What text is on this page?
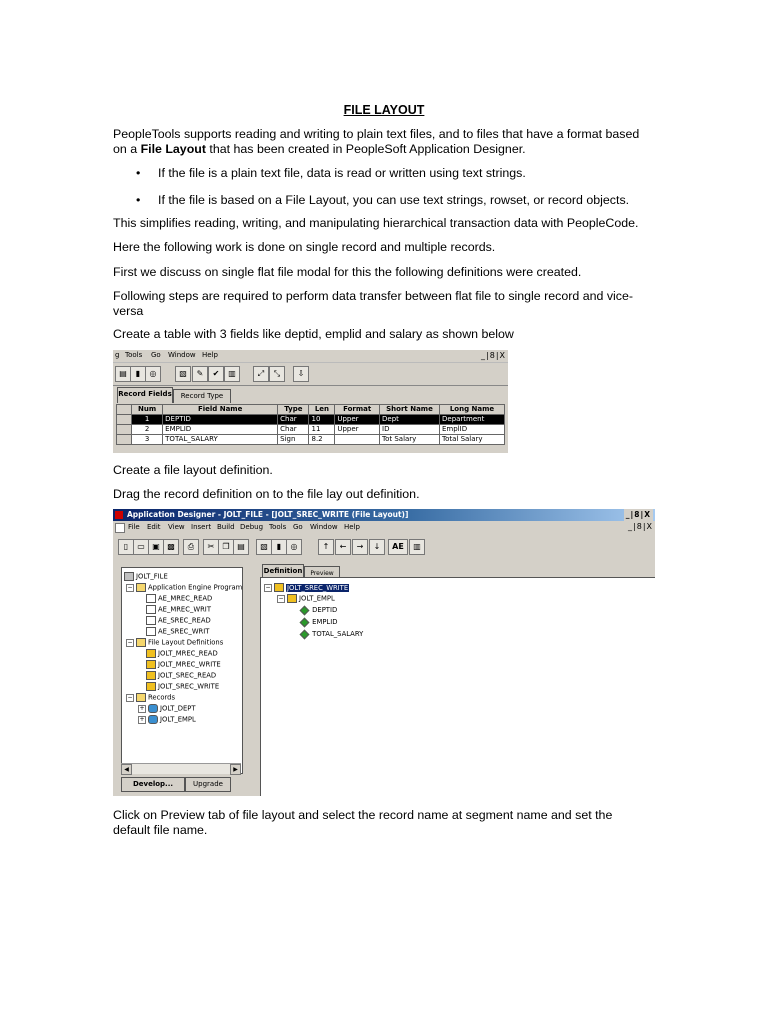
FILE LAYOUT

PeopleTools supports reading and writing to plain text files, and to files that have a format based
on a File Layout that has been created in PeopleSoft Application Designer.

• If the file is a plain text file, data is read or written using text strings.
• If the file is based on a File Layout, you can use text strings, rowset, or record objects.

This simplifies reading, writing, and manipulating hierarchical transaction data with PeopleCode.

Here the following work is done on single record and multiple records.

First we discuss on single flat file modal for this the following definitions were created.

Following steps are required to perform data transfer between flat file to single record and vice-
versa

Create a table with 3 fields like deptid, emplid and salary as shown below

g Tools Go Window Help	_|8|X
▤	▮	◎	▧	✎	✔	▥	⤢	⤡	⇩
Record Fields	Record Type
	Num	Field Name	Type	Len	Format	Short Name	Long Name
	1	DEPTID	Char	10	Upper	Dept	Department
	2	EMPLID	Char	11	Upper	ID	EmplID
	3	TOTAL_SALARY	Sign	8.2		Tot Salary	Total Salary

Create a file layout definition.

Drag the record definition on to the file lay out definition.

Application Designer - JOLT_FILE - [JOLT_SREC_WRITE (File Layout)]	_|8|X
File Edit View Insert Build Debug Tools Go Window Help	_|8|X
▯	▭ ▣ ▩	⎙	✂	❐ ▤	▧	▮	◎	↑	←	→	↓	AE	▥
JOLT_FILE
− Application Engine Program
AE_MREC_READ
AE_MREC_WRIT
AE_SREC_READ
AE_SREC_WRIT
− File Layout Definitions
JOLT_MREC_READ
JOLT_MREC_WRITE
JOLT_SREC_READ
JOLT_SREC_WRITE
− Records
+ JOLT_DEPT
+ JOLT_EMPL
◀	▶
Develop...	Upgrade
Definition	Preview
− JOLT_SREC_WRITE
− JOLT_EMPL
DEPTID
EMPLID
TOTAL_SALARY

Click on Preview tab of file layout and select the record name at segment name and set the
default file name.
